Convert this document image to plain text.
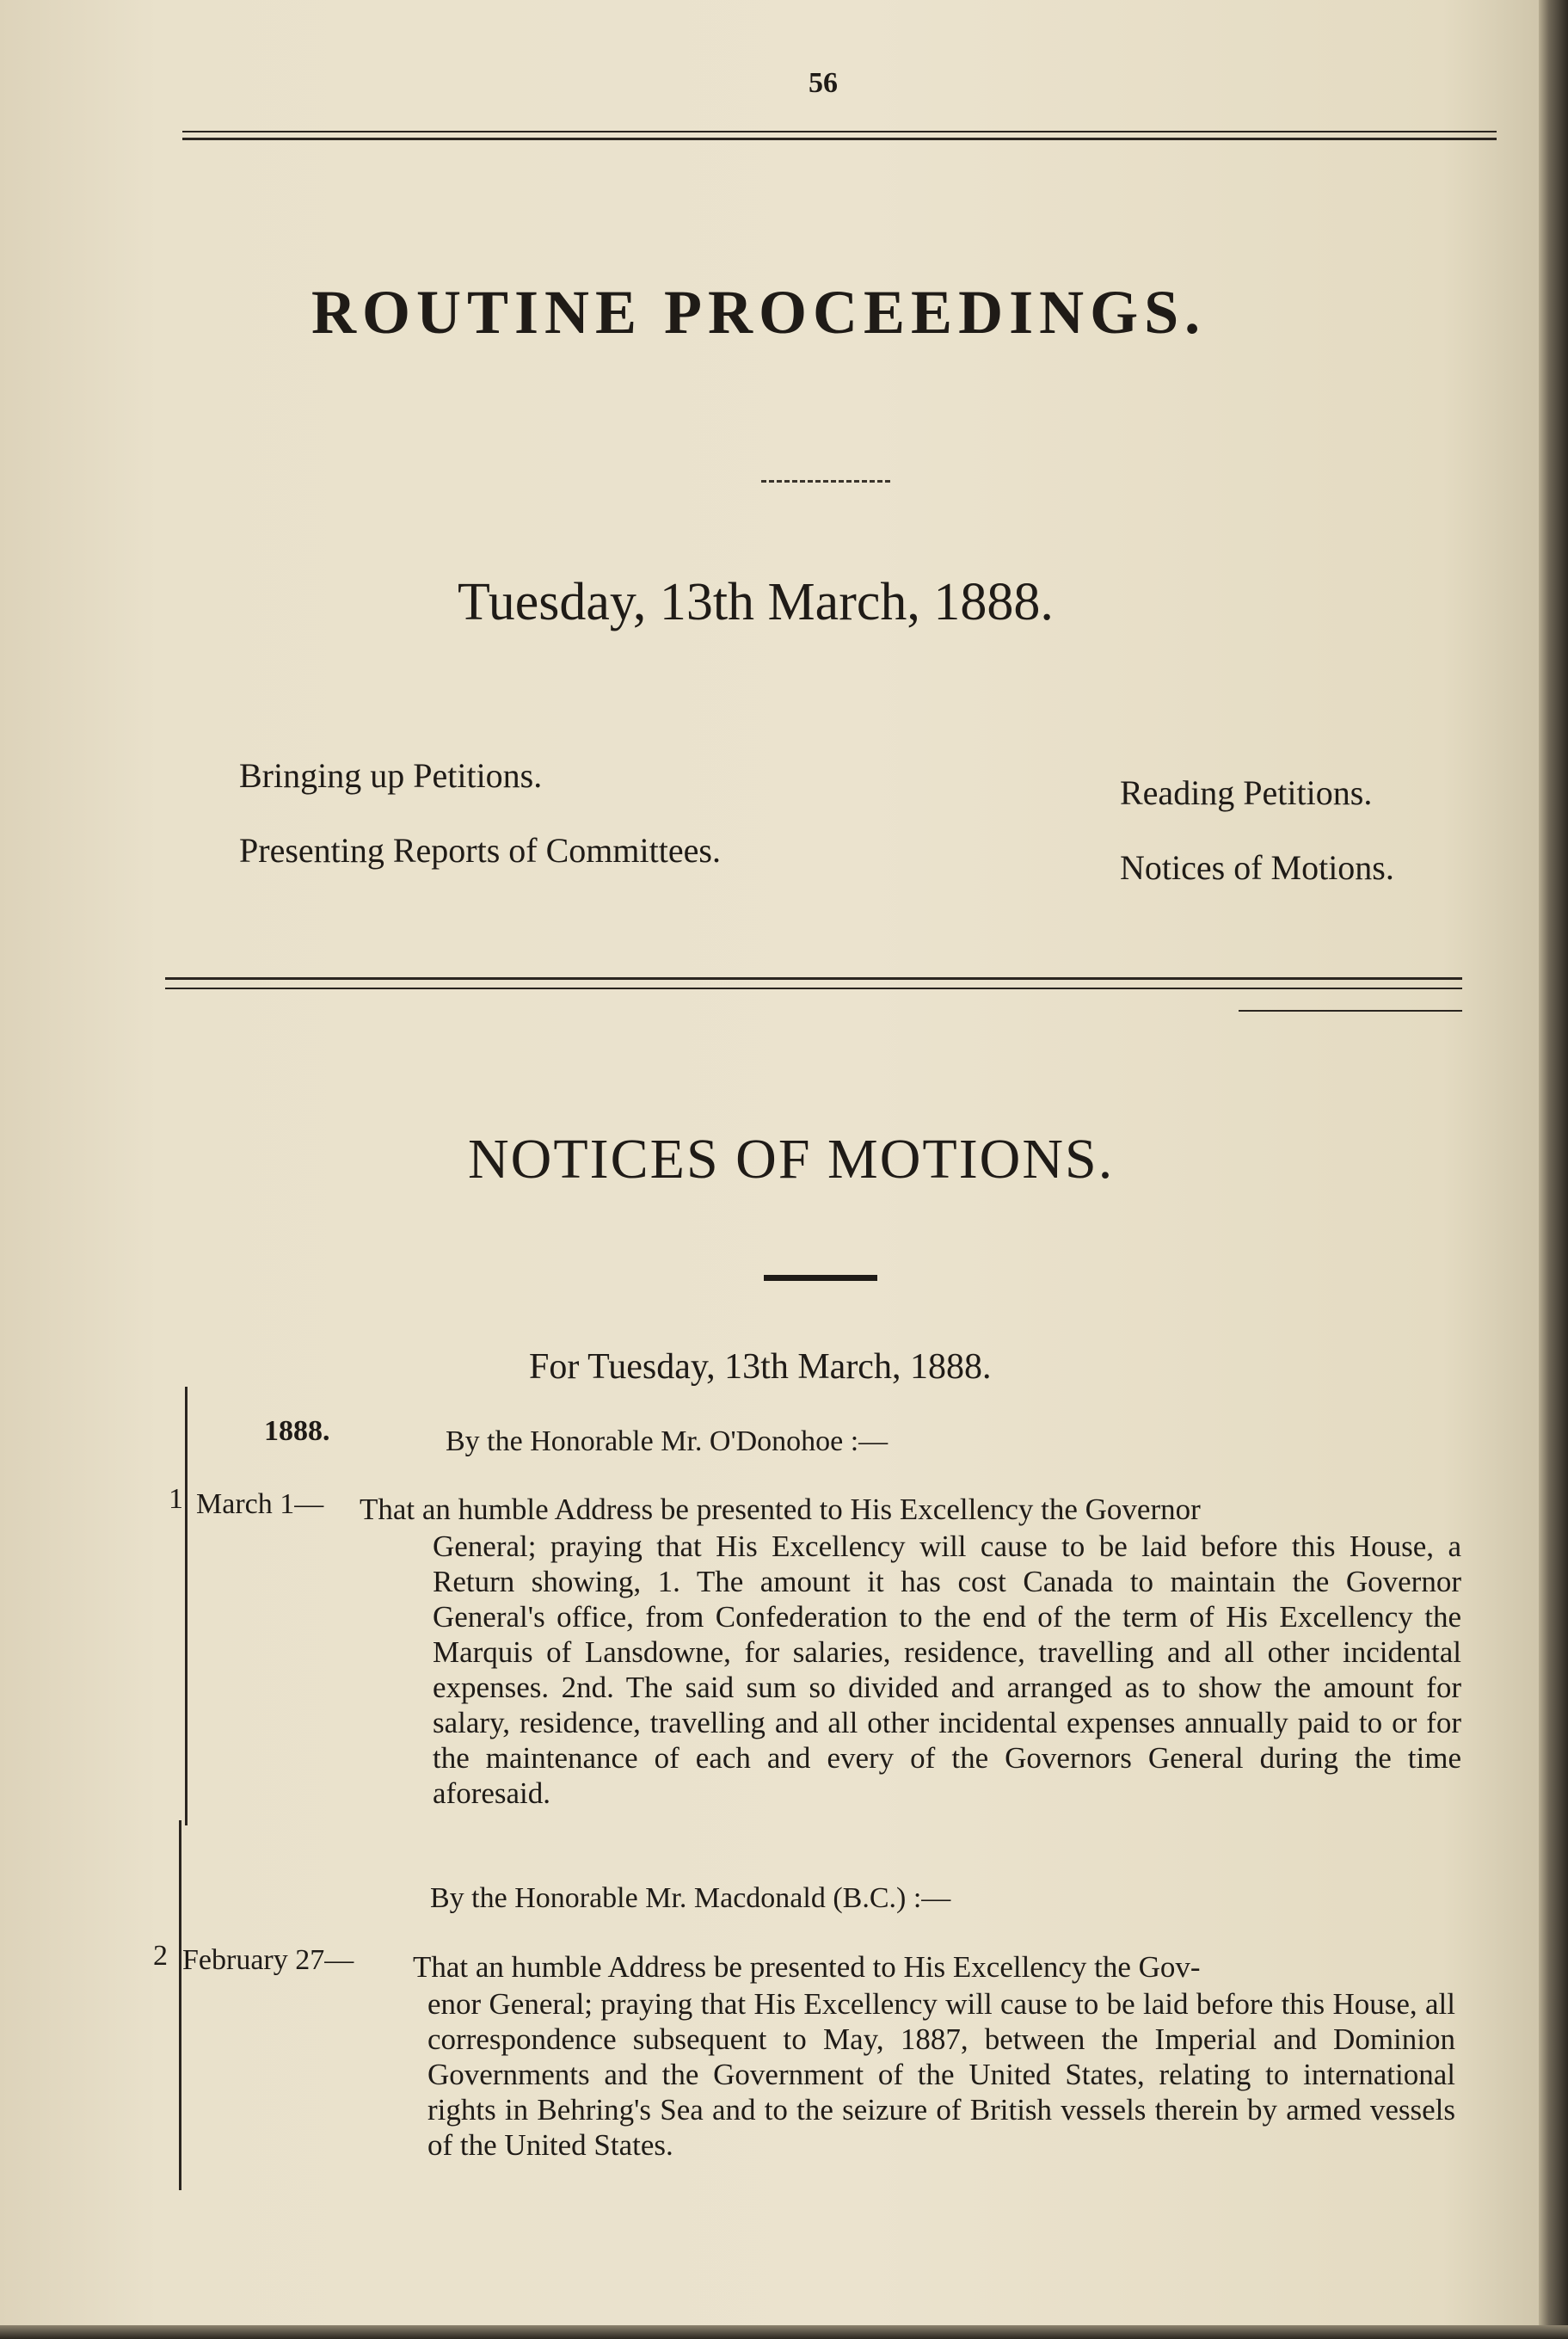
56
ROUTINE PROCEEDINGS.
Tuesday, 13th March, 1888.
Bringing up Petitions.
Presenting Reports of Committees.
Reading Petitions.
Notices of Motions.
NOTICES OF MOTIONS.
For Tuesday, 13th March, 1888.
1888.	By the Honorable Mr. O'Donohoe :—
1 March 1— That an humble Address be presented to His Excellency the Governor
General; praying that His Excellency will cause to be laid before this House, a Return showing, 1. The amount it has cost Canada to maintain the Governor General's office, from Confederation to the end of the term of His Excellency the Marquis of Lansdowne, for salaries, residence, travelling and all other incidental expenses. 2nd. The said sum so divided and arranged as to show the amount for salary, residence, travelling and all other incidental expenses annually paid to or for the maintenance of each and every of the Governors General during the time aforesaid.
By the Honorable Mr. Macdonald (B.C.) :—
2 February 27— That an humble Address be presented to His Excellency the Gov-
enor General; praying that His Excellency will cause to be laid before this House, all correspondence subsequent to May, 1887, between the Imperial and Dominion Governments and the Government of the United States, relating to international rights in Behring's Sea and to the seizure of British vessels therein by armed vessels of the United States.
